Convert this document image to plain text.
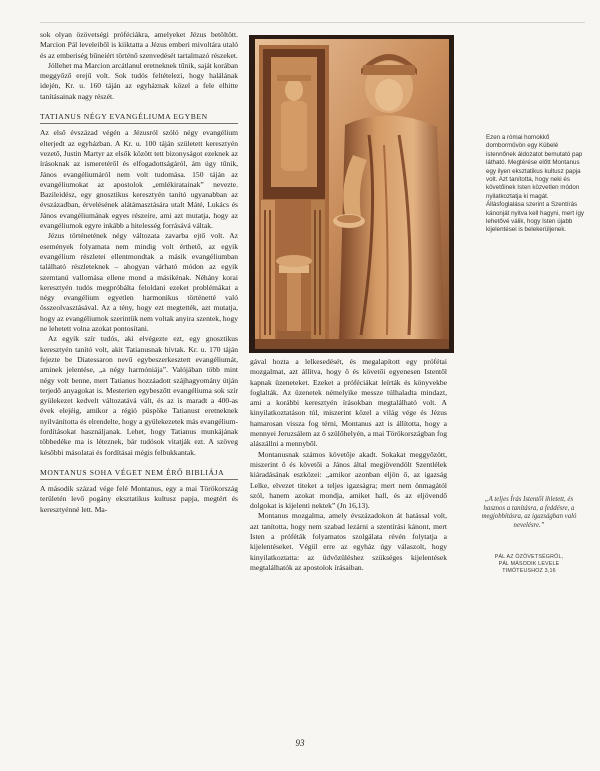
sok olyan özövetségi próféciákra, amelyeket Jézus betöltött. Marcion Pál leveleiből is kiiktatta a Jézus emberi mivoltára utaló és az emberiség bűneiért történő szenvedését tartalmazó részeket.

Jóllehet ma Marcion arcátlanul eretneknek tűnik, saját korában meggyőző erejű volt. Sok tudós feltételezi, hogy halálának idején, Kr. u. 160 táján az egyháznak közel a fele elhitte tanításainak nagy részét.

TATIANUS NÉGY EVANGÉLIUMA EGYBEN

Az első évszázad végén a Jézusról szóló négy evangélium elterjedt az egyházban. A Kr. u. 100 táján született keresztyén vezető, Justin Martyr az elsők között tett bizonyságot ezeknek az írásoknak az ismeretéről és elfogadottságáról, ám úgy tűnik, János evangéliumáról nem volt tudomása. 150 táján az evangéliumokat az apostolok „emlékiratainak” nevezte. Bazileidész, egy gnosztikus keresztyén tanító ugyanabban az évszázadban, érvelésének alátámasztására utalt Máté, Lukács és János evangéliumának egyes részeire, ami azt mutatja, hogy az evangéliumok egyre inkább a hitelesség forrásává váltak.

Jézus történetének négy változata zavarba ejtő volt. Az események folyamata nem mindig volt érthető, az egyik evangélium részletei ellentmondtak a másik evangéliumban található részleteknek – ahogyan várható módon az egyik szemtanú vallomása ellene mond a másikénak. Néhány korai keresztyén tudós megpróbálta feloldani ezeket problémákat a négy evangélium egyetlen harmonikus történetté való összeolvasztásával. Az a tény, hogy ezt megtették, azt mutatja, hogy az evangéliumok szerintük nem voltak anyira szentek, hogy ne lehetett volna azokat pontosítani.

Az egyik szír tudós, aki elvégezte ezt, egy gnosztikus keresztyén tanító volt, akit Tatianusnak hívtak. Kr. u. 170 táján fejezte be Diatessaron nevű egybeszerkesztett evangéliumát, aminek jelentése, „a négy harmóniája”. Valójában több mint négy volt benne, mert Tatianus hozzáadott szájhagyomány útján terjedő anyagokat is. Mesterien egybeszőtt evangéliuma sok szír gyülekezet kedvelt változatává vált, és az is maradt a 400-as évek elejéig, amikor a régió püspöke Tatianust eretneknek nyilvánította és elrendelte, hogy a gyülekezetek más evangélium-fordításokat használjanak. Lehet, hogy Tatianus munkájának többedéke ma is léteznek, bár tudósok vitatják ezt. A szöveg későbbi másolatai és fordításai mégis felbukkantak.

MONTANUS SOHA VÉGET NEM ÉRŐ BIBLIÁJA

A második század vége felé Montanus, egy a mai Törökország területén levő pogány eksztatikus kultusz papja, megtért és keresztyénné lett. Ma-

gával hozta a lelkesedését, és megalapított egy prófétai mozgalmat, azt állítva, hogy ő és követői egyenesen Istentől kapnak üzeneteket. Ezeket a próféciákat leírták és könyvekbe foglalták. Az üzenetek némelyike messze túlhaladta mindazt, ami a korábbi keresztyén írásokban megtalálható volt. A kinyilatkoztatáson túl, miszerint közel a világ vége és Jézus hamarosan vissza fog térni, Montanus azt is állította, hogy a mennyei Jeruzsálem az ő szülőhelyén, a mai Törökországban fog alászállni a mennyből.

Montanusnak számos követője akadt. Sokakat meggyőzött, miszerint ő és követői a János által megjövendölt Szentlélek kiáradásának eszközei: „amikor azonban eljön ő, az igazság Lelke, elvezet titeket a teljes igazságra; mert nem önmagától szól, hanem azokat mondja, amiket hall, és az eljövendő dolgokat is kijelenti nektek” (Jn 16,13).

Montanus mozgalma, amely évszázadokon át hatással volt, azt tanította, hogy nem szabad lezárni a szentírási kánont, mert Isten a próféták folyamatos szolgálata révén folytatja a kijelentéseket. Végül erre az egyház úgy válaszolt, hogy kinyilatkoztatta: az üdvözüléshez szükséges kijelentések megtalálhatók az apostolok írásaiban.

Ezen a római homokkő domborművön egy Kübelé istennőnek áldozatot bemutató pap látható. Megtérése előtt Montanus egy ilyen eksztatikus kultusz papja volt. Azt tanította, hogy neki és követőinek Isten közvetlen módon nyilatkoztatja ki magát. Állásfoglalása szerint a Szentírás kánonját nyitva kell hagyni, mert így lehetővé válik, hogy Isten újabb kijelentései is belekerüljenek.
„A teljes Írás Istentől ihletett, és hasznos a tanításra, a feddésre, a megjobbításra, az igazságban való nevelésre.”
PÁL AZ ÖZÖVETSÉGRŐL,
PÁL MÁSODIK LEVELE
TIMÓTEUSHOZ 3,16
93
